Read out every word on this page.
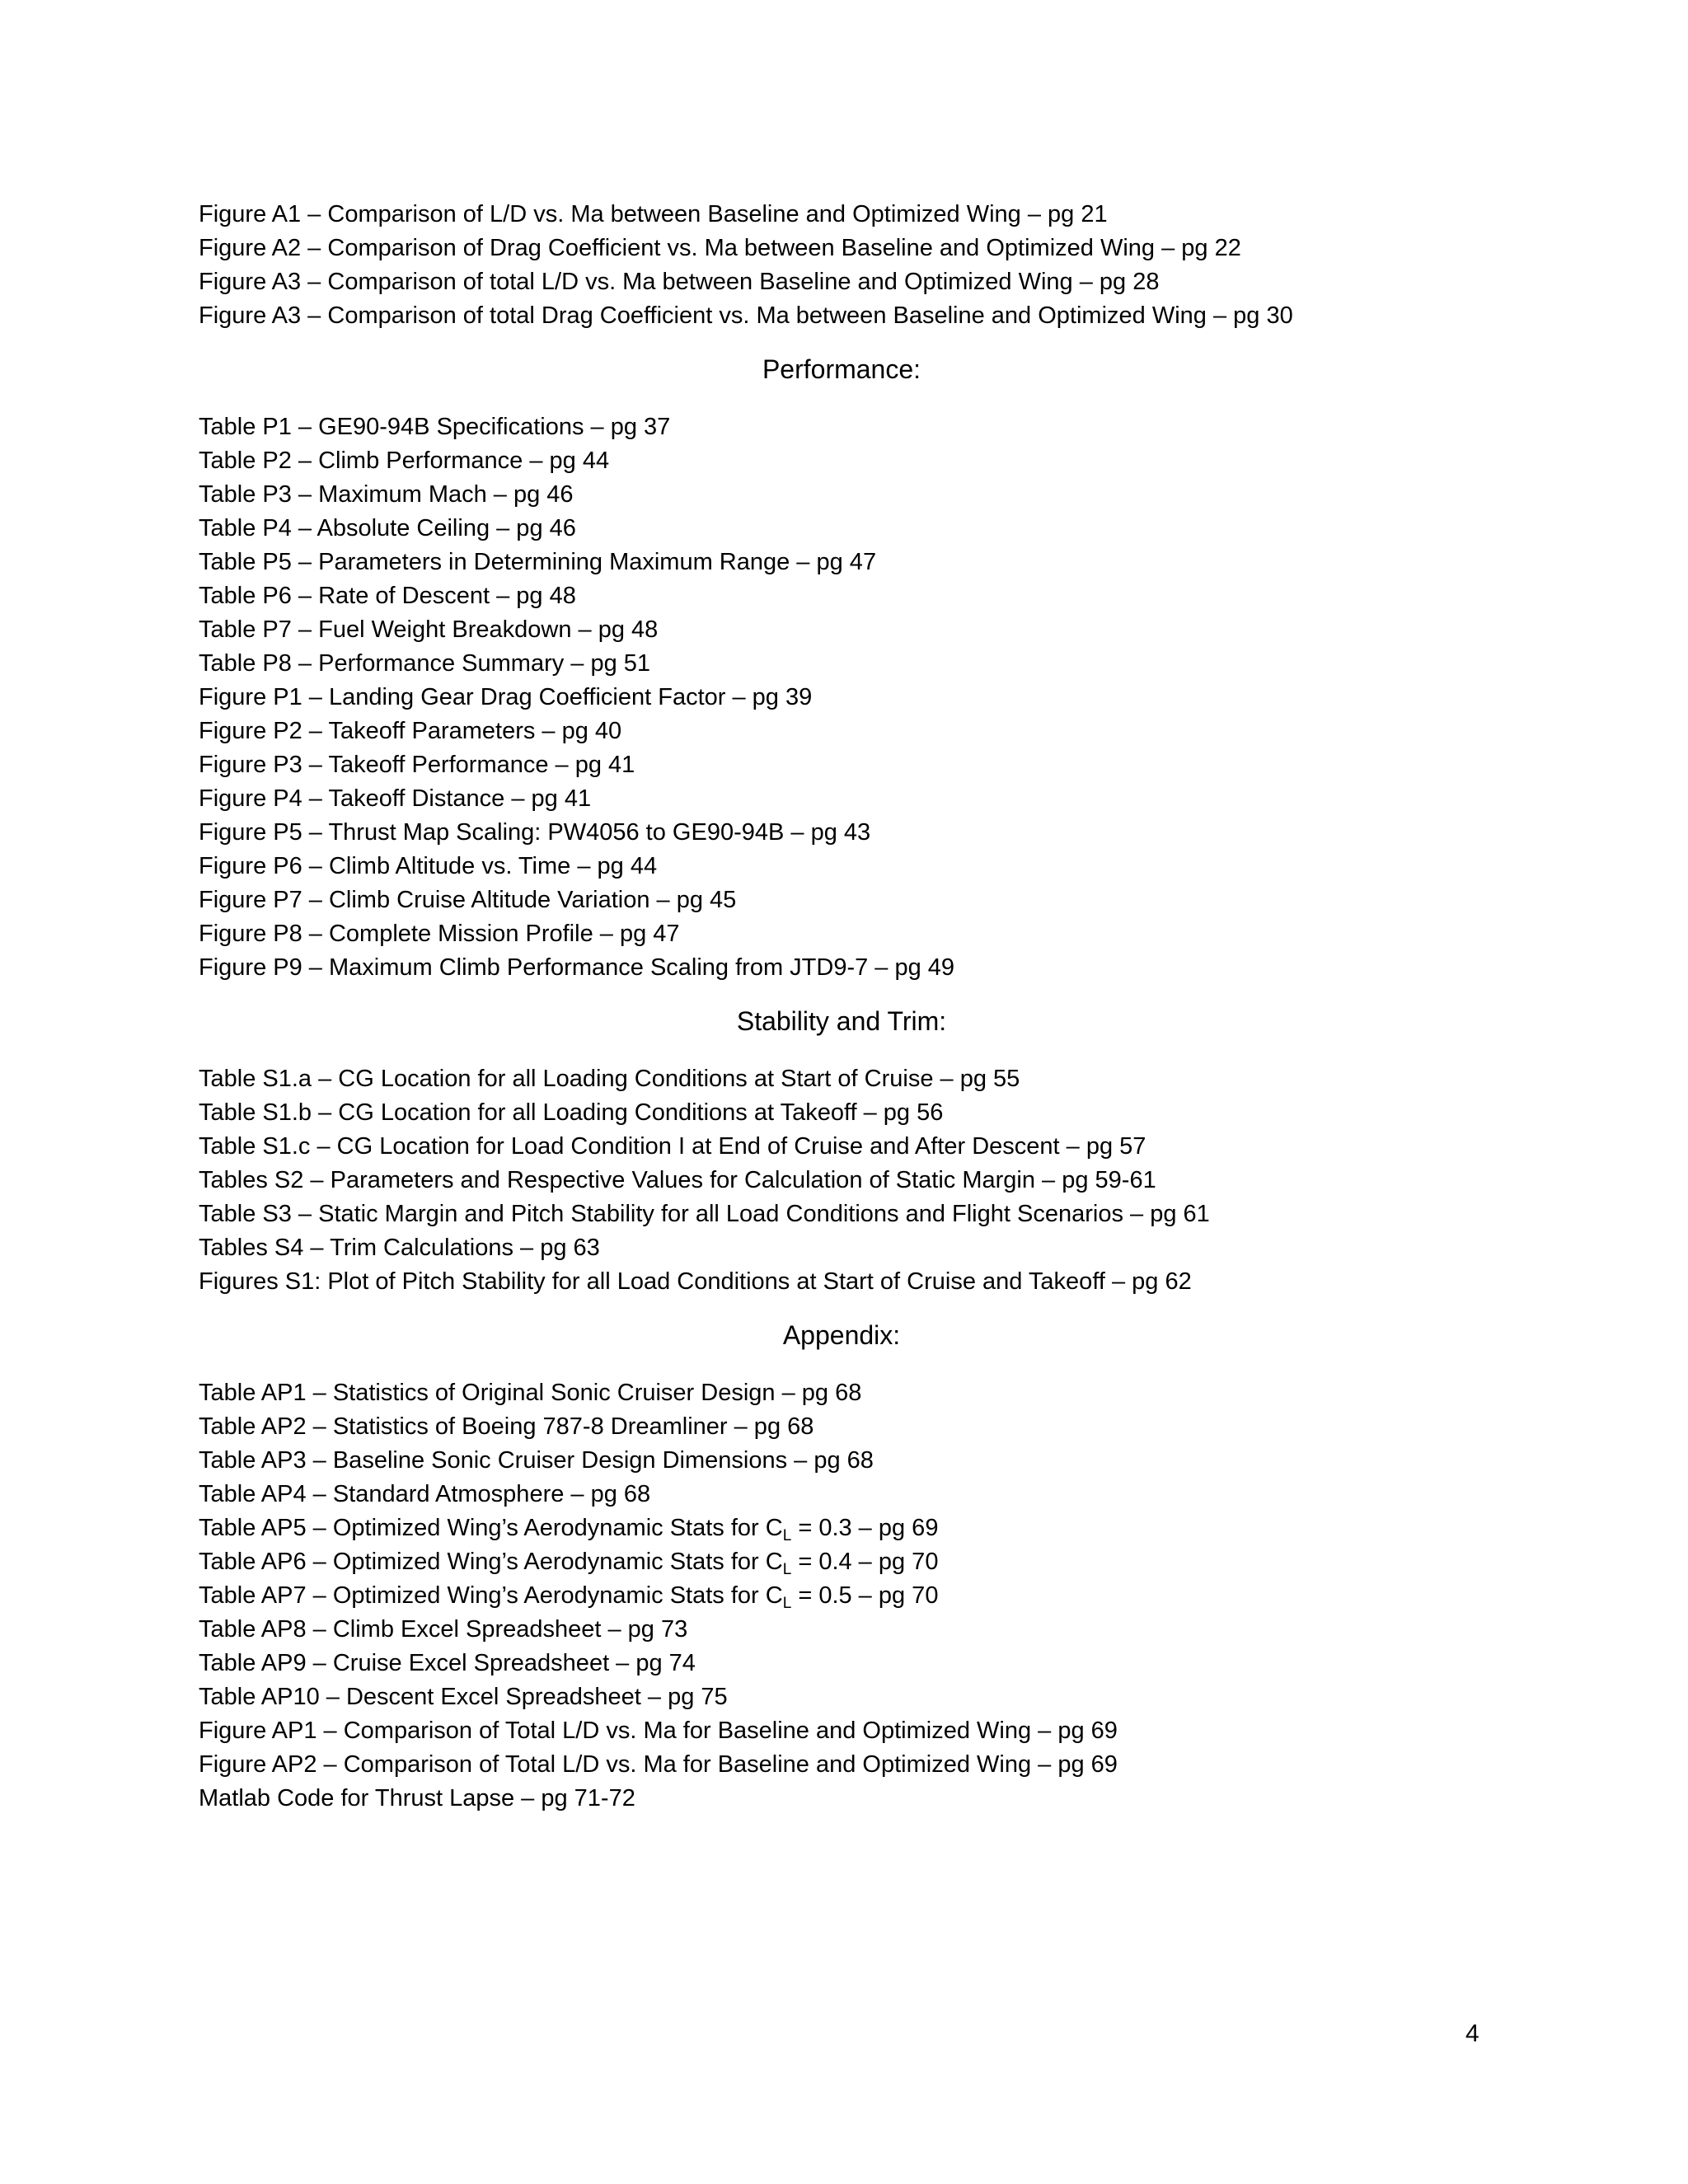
Figure A1 – Comparison of L/D vs. Ma between Baseline and Optimized Wing – pg 21
Figure A2 – Comparison of Drag Coefficient vs. Ma between Baseline and Optimized Wing – pg 22
Figure A3 – Comparison of total L/D vs. Ma between Baseline and Optimized Wing – pg 28
Figure A3 – Comparison of total Drag Coefficient vs. Ma between Baseline and Optimized Wing – pg 30
Performance:
Table P1 – GE90-94B Specifications – pg 37
Table P2 – Climb Performance – pg 44
Table P3 – Maximum Mach – pg 46
Table P4 – Absolute Ceiling – pg 46
Table P5 – Parameters in Determining Maximum Range – pg 47
Table P6 – Rate of Descent – pg 48
Table P7 – Fuel Weight Breakdown – pg 48
Table P8 – Performance Summary – pg 51
Figure P1 – Landing Gear Drag Coefficient Factor – pg 39
Figure P2 – Takeoff Parameters – pg 40
Figure P3 – Takeoff Performance – pg 41
Figure P4 – Takeoff Distance – pg 41
Figure P5 – Thrust Map Scaling: PW4056 to GE90-94B – pg 43
Figure P6 – Climb Altitude vs. Time – pg 44
Figure P7 – Climb Cruise Altitude Variation – pg 45
Figure P8 – Complete Mission Profile – pg 47
Figure P9 – Maximum Climb Performance Scaling from JTD9-7 – pg 49
Stability and Trim:
Table S1.a – CG Location for all Loading Conditions at Start of Cruise – pg 55
Table S1.b – CG Location for all Loading Conditions at Takeoff – pg 56
Table S1.c – CG Location for Load Condition I at End of Cruise and After Descent – pg 57
Tables S2 – Parameters and Respective Values for Calculation of Static Margin – pg 59-61
Table S3 – Static Margin and Pitch Stability for all Load Conditions and Flight Scenarios – pg 61
Tables S4 – Trim Calculations – pg 63
Figures S1: Plot of Pitch Stability for all Load Conditions at Start of Cruise and Takeoff – pg 62
Appendix:
Table AP1 – Statistics of Original Sonic Cruiser Design – pg 68
Table AP2 – Statistics of Boeing 787-8 Dreamliner – pg 68
Table AP3 – Baseline Sonic Cruiser Design Dimensions – pg 68
Table AP4 – Standard Atmosphere – pg 68
Table AP5 – Optimized Wing’s Aerodynamic Stats for $C_L = 0.3$ – pg 69
Table AP6 – Optimized Wing’s Aerodynamic Stats for $C_L = 0.4$ – pg 70
Table AP7 – Optimized Wing’s Aerodynamic Stats for $C_L = 0.5$ – pg 70
Table AP8 – Climb Excel Spreadsheet – pg 73
Table AP9 – Cruise Excel Spreadsheet – pg 74
Table AP10 – Descent Excel Spreadsheet – pg 75
Figure AP1 – Comparison of Total L/D vs. Ma for Baseline and Optimized Wing – pg 69
Figure AP2 – Comparison of Total L/D vs. Ma for Baseline and Optimized Wing – pg 69
Matlab Code for Thrust Lapse – pg 71-72
4
